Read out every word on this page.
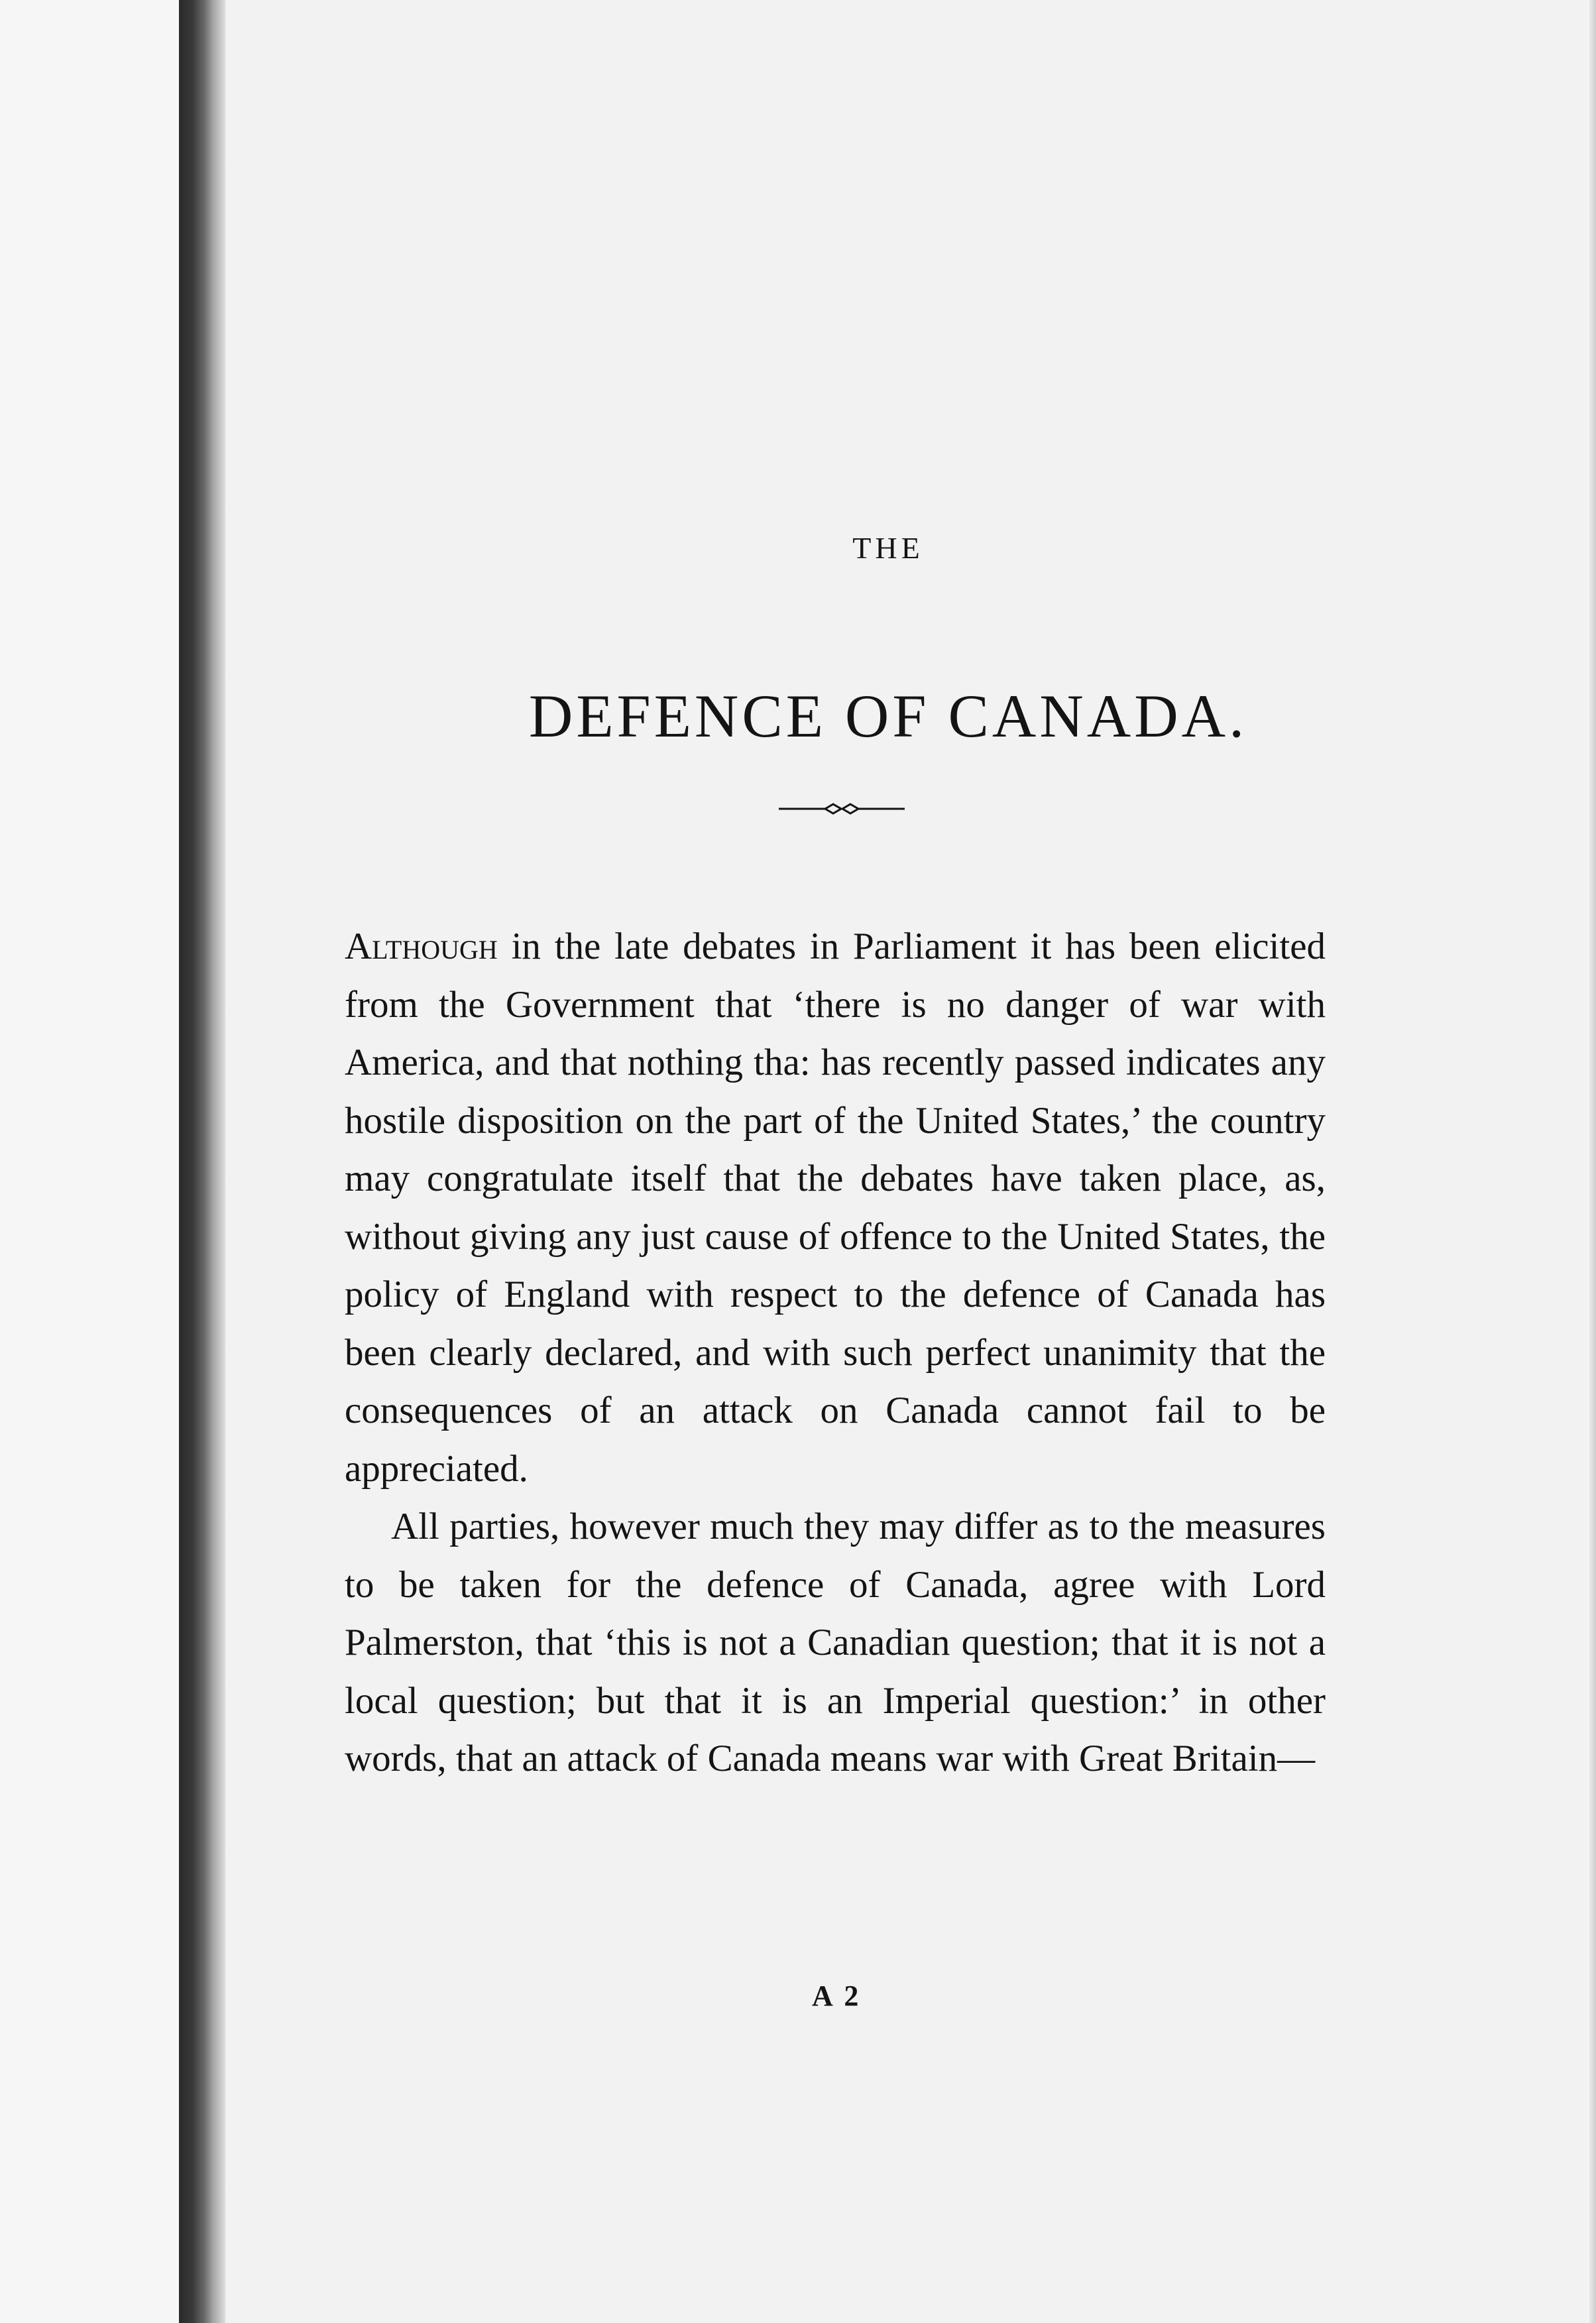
THE
DEFENCE OF CANADA.

Although in the late debates in Parliament it has been elicited from the Government that ‘there is no danger of war with America, and that nothing tha: has recently passed indicates any hostile disposition on the part of the United States,’ the country may congratulate itself that the debates have taken place, as, without giving any just cause of offence to the United States, the policy of England with respect to the defence of Canada has been clearly declared, and with such perfect unanimity that the consequences of an attack on Canada cannot fail to be appreciated.

All parties, however much they may differ as to the measures to be taken for the defence of Canada, agree with Lord Palmerston, that ‘this is not a Canadian question; that it is not a local question; but that it is an Imperial question:’ in other words, that an attack of Canada means war with Great Britain—

A 2
